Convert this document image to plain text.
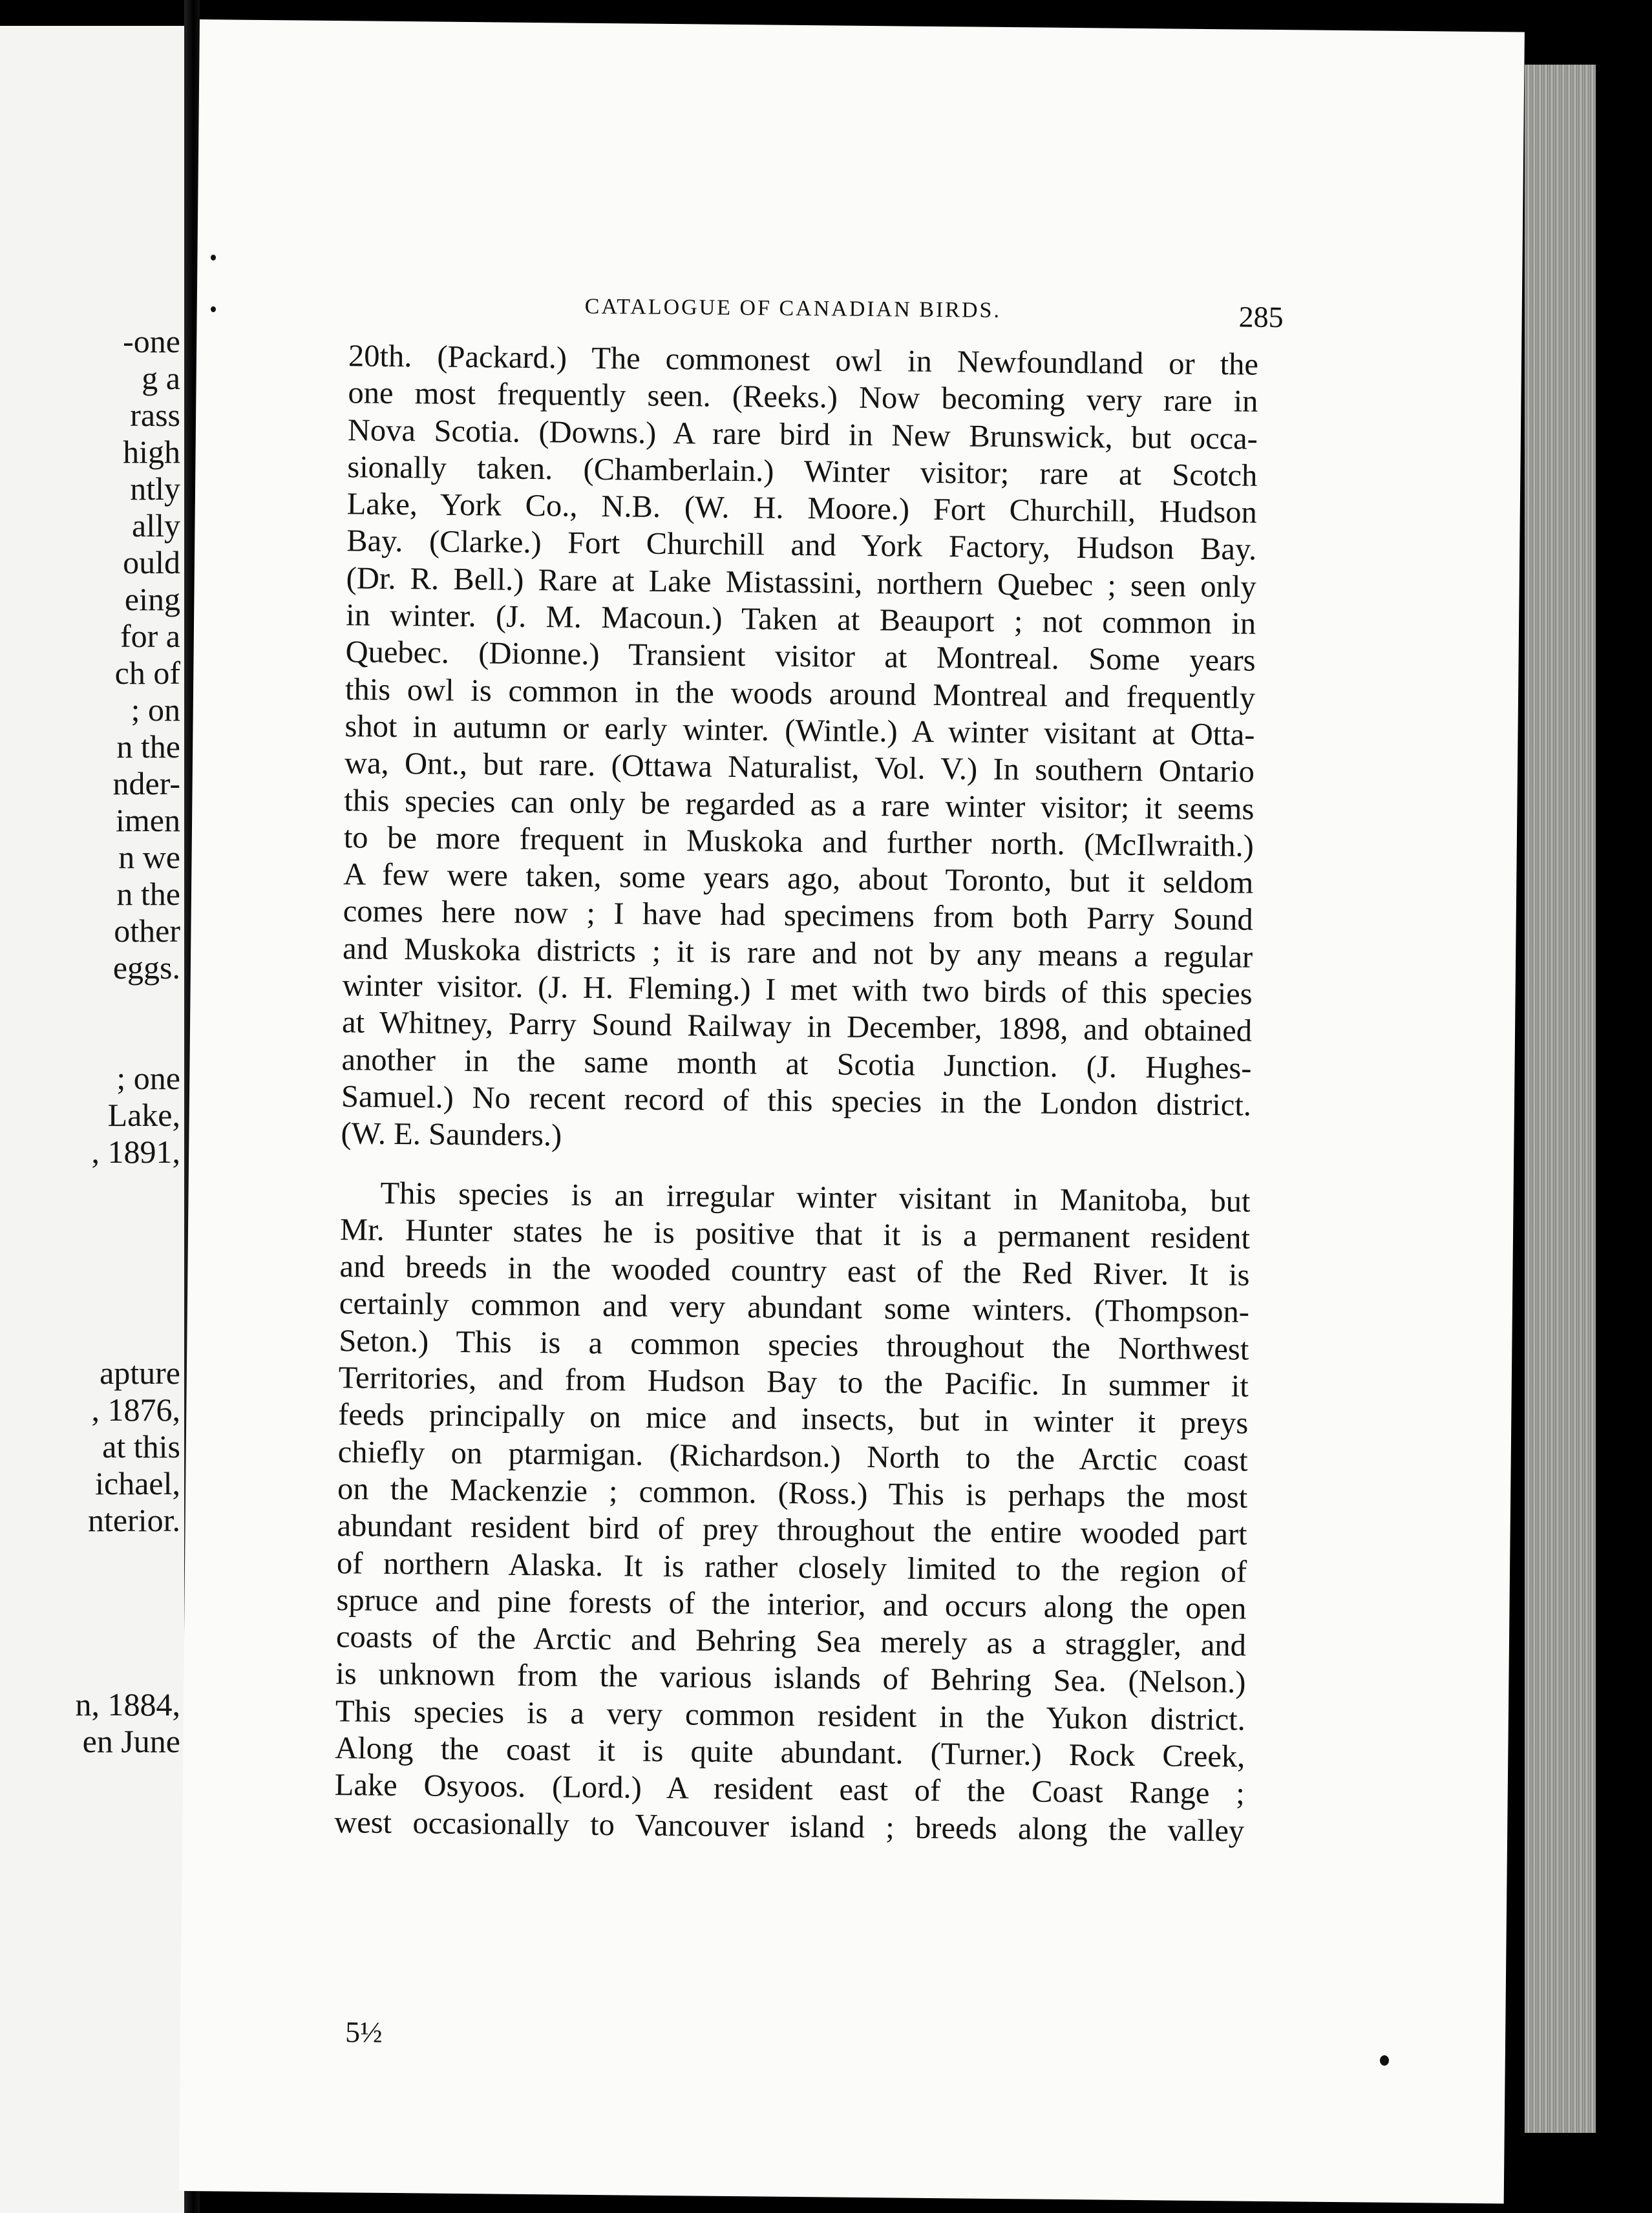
-one
g a
rass
high
ntly
ally
ould
eing
for a
ch of
; on
n the
nder-
imen
n we
n the
other
eggs.
; one
Lake,
, 1891,
apture
, 1876,
at this
ichael,
nterior.
n, 1884,
en June
CATALOGUE OF CANADIAN BIRDS.	285
20th. (Packard.) The commonest owl in Newfoundland or the
one most frequently seen. (Reeks.) Now becoming very rare in
Nova Scotia. (Downs.) A rare bird in New Brunswick, but occa-
sionally taken. (Chamberlain.) Winter visitor; rare at Scotch
Lake, York Co., N.B. (W. H. Moore.) Fort Churchill, Hudson
Bay. (Clarke.) Fort Churchill and York Factory, Hudson Bay.
(Dr. R. Bell.) Rare at Lake Mistassini, northern Quebec ; seen only
in winter. (J. M. Macoun.) Taken at Beauport ; not common in
Quebec. (Dionne.) Transient visitor at Montreal. Some years
this owl is common in the woods around Montreal and frequently
shot in autumn or early winter. (Wintle.) A winter visitant at Otta-
wa, Ont., but rare. (Ottawa Naturalist, Vol. V.) In southern Ontario
this species can only be regarded as a rare winter visitor; it seems
to be more frequent in Muskoka and further north. (McIlwraith.)
A few were taken, some years ago, about Toronto, but it seldom
comes here now ; I have had specimens from both Parry Sound
and Muskoka districts ; it is rare and not by any means a regular
winter visitor. (J. H. Fleming.) I met with two birds of this species
at Whitney, Parry Sound Railway in December, 1898, and obtained
another in the same month at Scotia Junction. (J. Hughes-
Samuel.) No recent record of this species in the London district.
(W. E. Saunders.)
This species is an irregular winter visitant in Manitoba, but
Mr. Hunter states he is positive that it is a permanent resident
and breeds in the wooded country east of the Red River. It is
certainly common and very abundant some winters. (Thompson-
Seton.) This is a common species throughout the Northwest
Territories, and from Hudson Bay to the Pacific. In summer it
feeds principally on mice and insects, but in winter it preys
chiefly on ptarmigan. (Richardson.) North to the Arctic coast
on the Mackenzie ; common. (Ross.) This is perhaps the most
abundant resident bird of prey throughout the entire wooded part
of northern Alaska. It is rather closely limited to the region of
spruce and pine forests of the interior, and occurs along the open
coasts of the Arctic and Behring Sea merely as a straggler, and
is unknown from the various islands of Behring Sea. (Nelson.)
This species is a very common resident in the Yukon district.
Along the coast it is quite abundant. (Turner.) Rock Creek,
Lake Osyoos. (Lord.) A resident east of the Coast Range ;
west occasionally to Vancouver island ; breeds along the valley
5½
